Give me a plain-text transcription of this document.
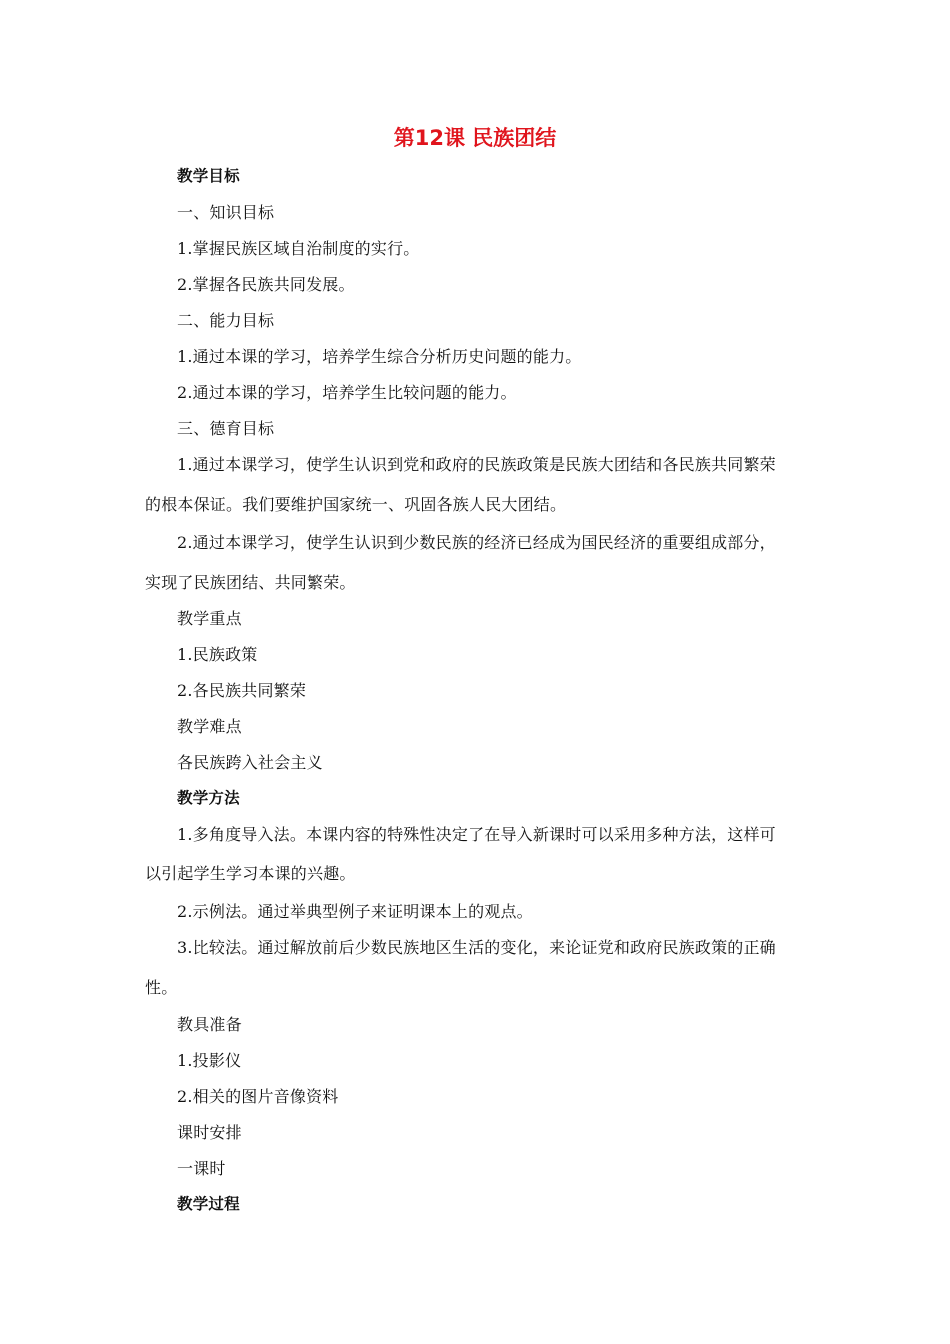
第12课 民族团结
教学目标
一、知识目标
1.掌握民族区域自治制度的实行。
2.掌握各民族共同发展。
二、能力目标
1.通过本课的学习，培养学生综合分析历史问题的能力。
2.通过本课的学习，培养学生比较问题的能力。
三、德育目标
1.通过本课学习，使学生认识到党和政府的民族政策是民族大团结和各民族共同繁荣
的根本保证。我们要维护国家统一、巩固各族人民大团结。
2.通过本课学习，使学生认识到少数民族的经济已经成为国民经济的重要组成部分，
实现了民族团结、共同繁荣。
教学重点
1.民族政策
2.各民族共同繁荣
教学难点
各民族跨入社会主义
教学方法
1.多角度导入法。本课内容的特殊性决定了在导入新课时可以采用多种方法，这样可
以引起学生学习本课的兴趣。
2.示例法。通过举典型例子来证明课本上的观点。
3.比较法。通过解放前后少数民族地区生活的变化，来论证党和政府民族政策的正确
性。
教具准备
1.投影仪
2.相关的图片音像资料
课时安排
一课时
教学过程
